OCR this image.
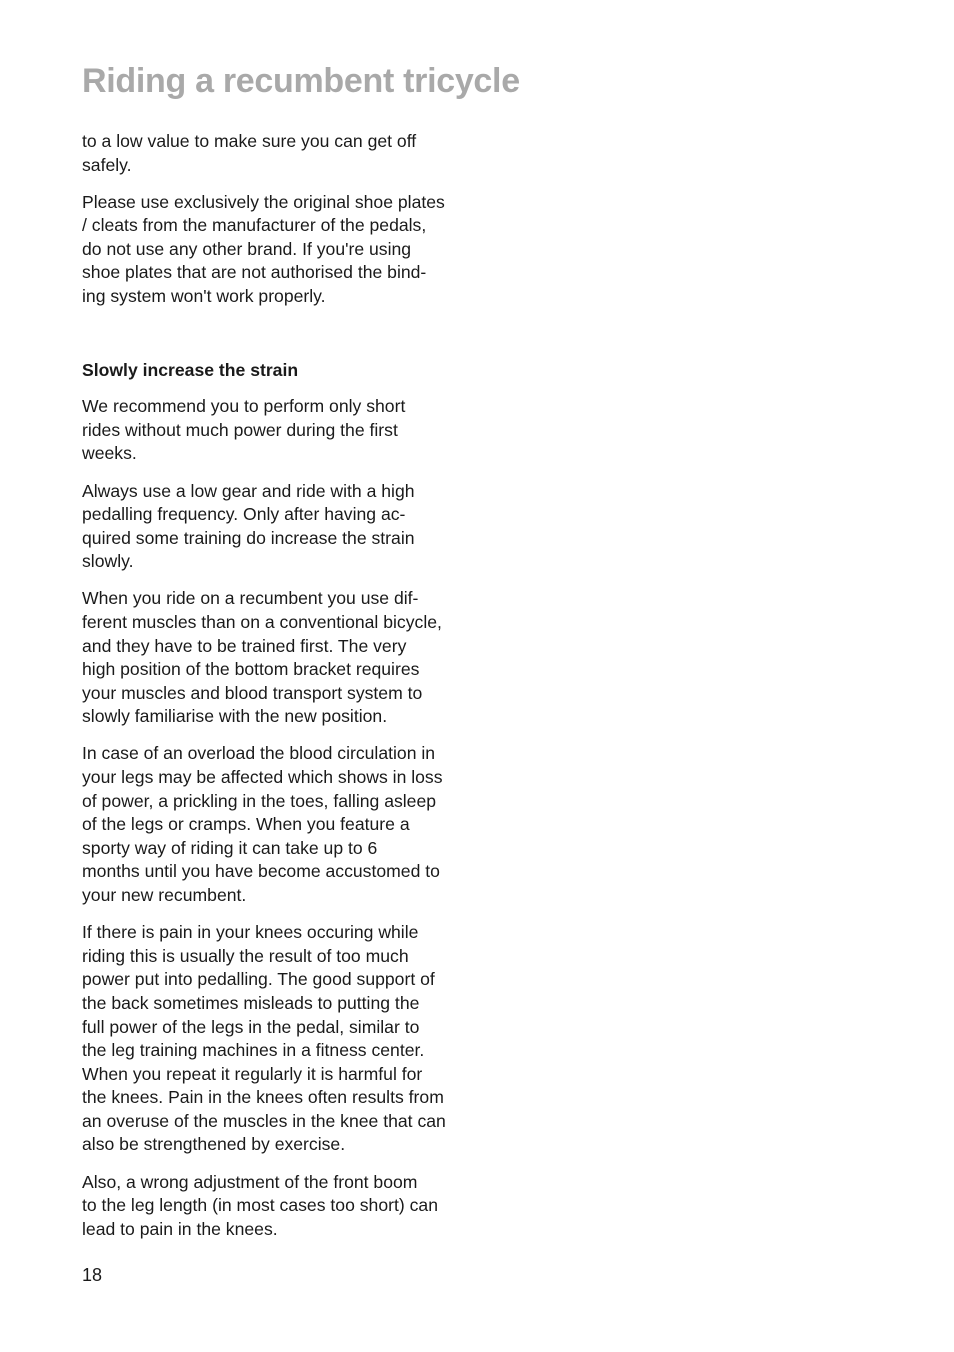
Riding a recumbent tricycle

to a low value to make sure you can get off
safely.

Please use exclusively the original shoe plates
/ cleats from the manufacturer of the pedals,
do not use any other brand. If you're using
shoe plates that are not authorised the bind-
ing system won't work properly.

Slowly increase the strain

We recommend you to perform only short
rides without much power during the first
weeks.

Always use a low gear and ride with a high
pedalling frequency. Only after having ac-
quired some training do increase the strain
slowly.

When you ride on a recumbent you use dif-
ferent muscles than on a conventional bicycle,
and they have to be trained first. The very
high position of the bottom bracket requires
your muscles and blood transport system to
slowly familiarise with the new position.

In case of an overload the blood circulation in
your legs may be affected which shows in loss
of power, a prickling in the toes, falling asleep
of the legs or cramps. When you feature a
sporty way of riding it can take up to 6
months until you have become accustomed to
your new recumbent.

If there is pain in your knees occuring while
riding this is usually the result of too much
power put into pedalling. The good support of
the back sometimes misleads to putting the
full power of the legs in the pedal, similar to
the leg training machines in a fitness center.
When you repeat it regularly it is harmful for
the knees. Pain in the knees often results from
an overuse of the muscles in the knee that can
also be strengthened by exercise.

Also, a wrong adjustment of the front boom
to the leg length (in most cases too short) can
lead to pain in the knees.

18
